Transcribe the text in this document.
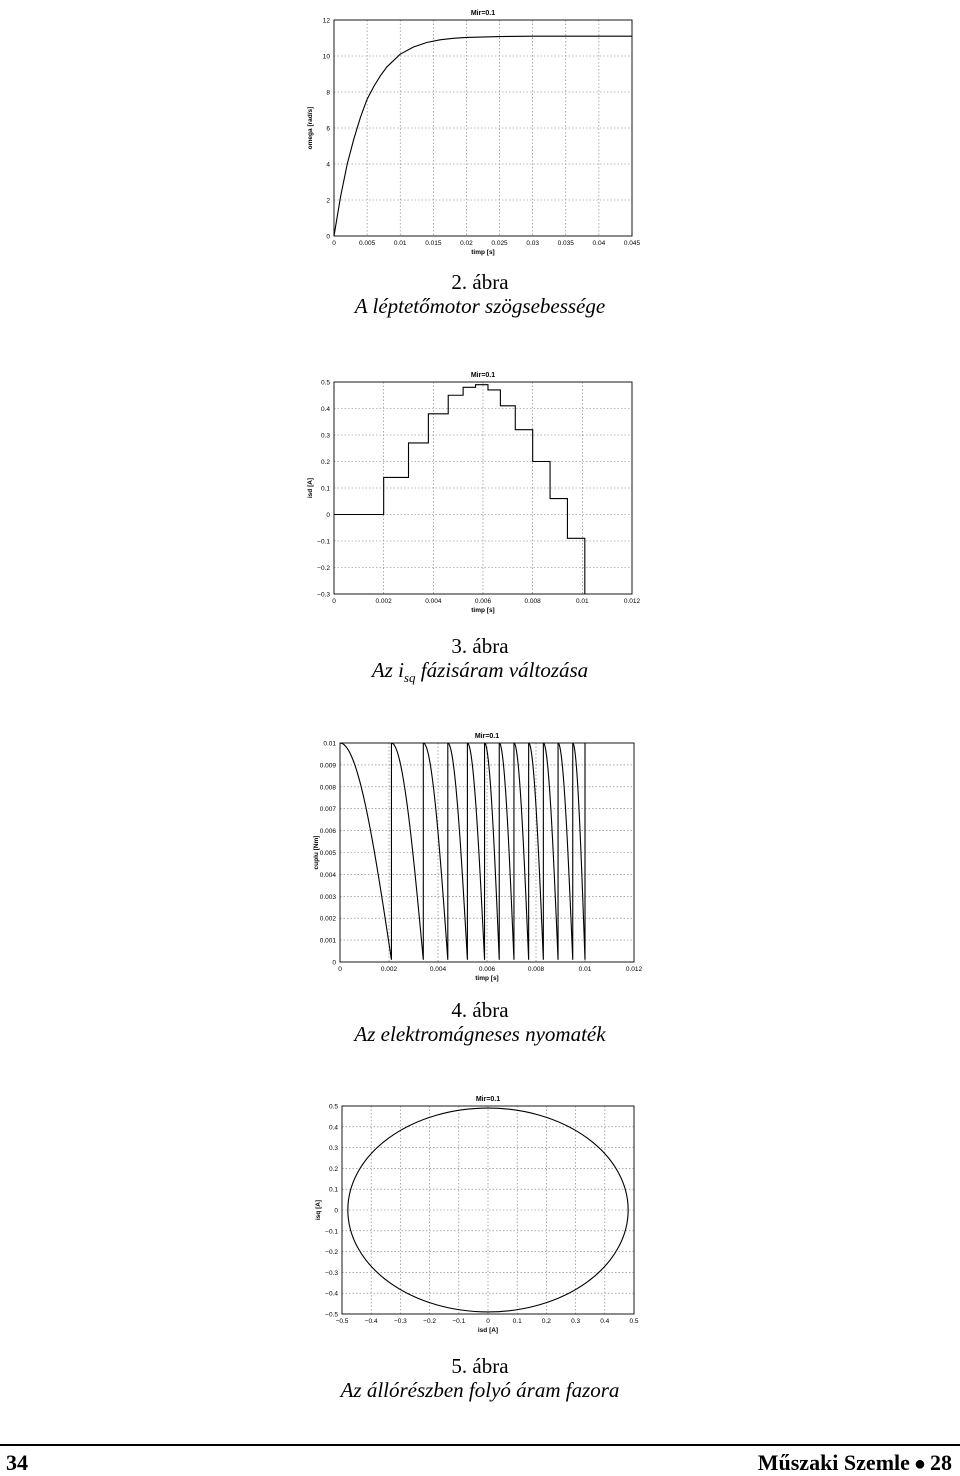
0	0.005	0.01	0.015	0.02	0.025	0.03	0.035	0.04	0.045
0
2
4
6
8
10
12
Mir=0.1
timp [s]
omega [rad/s]
2. ábra
A léptetőmotor szögsebessége
0	0.002	0.004	0.006	0.008	0.01	0.012
−0.3
−0.2
−0.1
0
0.1
0.2
0.3
0.4
0.5
Mir=0.1
timp [s]
isd [A]
3. ábra
Az $i_{sq}$ fázisáram változása
0	0.002	0.004	0.006	0.008	0.01	0.012
0
0.001
0.002
0.003
0.004
0.005
0.006
0.007
0.008
0.009
0.01
Mir=0.1
timp [s]
cuplu [Nm]
4. ábra
Az elektromágneses nyomaték
−0.5	−0.4	−0.3	−0.2	−0.1	0	0.1	0.2	0.3	0.4	0.5
−0.5
−0.4
−0.3
−0.2
−0.1
0
0.1
0.2
0.3
0.4
0.5
Mir=0.1
isd [A]
isq [A]
5. ábra
Az állórészben folyó áram fazora
34	Műszaki Szemle ● 28
